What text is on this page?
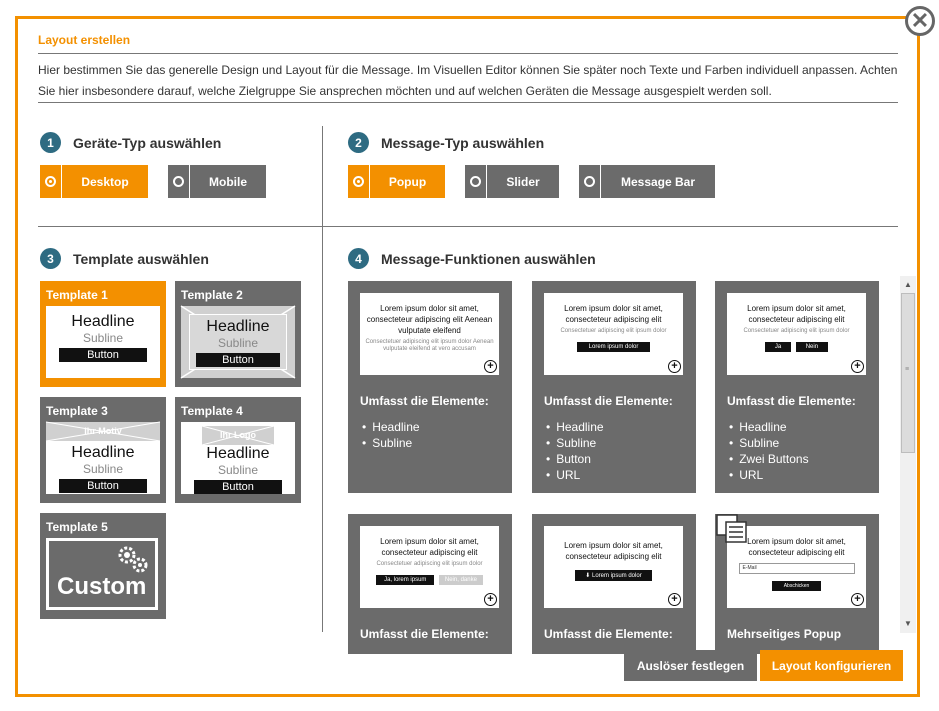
✕
Layout erstellen
Hier bestimmen Sie das generelle Design und Layout für die Message. Im Visuellen Editor können Sie später noch Texte und Farben individuell anpassen. Achten Sie hier insbesondere darauf, welche Zielgruppe Sie ansprechen möchten und auf welchen Geräten die Message ausgespielt werden soll.
1	Geräte-Typ auswählen
Desktop	Mobile
2	Message-Typ auswählen
Popup	Slider	Message Bar
3	Template auswählen
Template 1
Headline
Subline
Button
Template 2
Headline
Subline
Button
Template 3
Ihr Motiv
Headline
Subline
Button
Template 4
Ihr Logo
Headline
Subline
Button
Template 5
Custom
4	Message-Funktionen auswählen
Lorem ipsum dolor sit amet, consecteteur adipiscing elit Aenean vulputate eleifend
Consectetuer adipiscing elit ipsum dolor Aenean vulputate eleifend at vero accusam
+
Umfasst die Elemente:
• Headline
• Subline
Lorem ipsum dolor sit amet, consecteteur adipiscing elit
Consectetuer adipiscing elit ipsum dolor
Lorem ipsum dolor
+
Umfasst die Elemente:
• Headline
• Subline
• Button
• URL
Lorem ipsum dolor sit amet, consecteteur adipiscing elit
Consectetuer adipiscing elit ipsum dolor
Ja	Nein
+
Umfasst die Elemente:
• Headline
• Subline
• Zwei Buttons
• URL
Lorem ipsum dolor sit amet, consecteteur adipiscing elit
Consectetuer adipiscing elit ipsum dolor
Ja, lorem ipsum	Nein, danke
+
Umfasst die Elemente:
Lorem ipsum dolor sit amet, consecteteur adipiscing elit
⬇ Lorem ipsum dolor
+
Umfasst die Elemente:
Lorem ipsum dolor sit amet, consecteteur adipiscing elit
E-Mail
Abschicken
+
Mehrseitiges Popup
▲
≡
▼
Auslöser festlegen	Layout konfigurieren
